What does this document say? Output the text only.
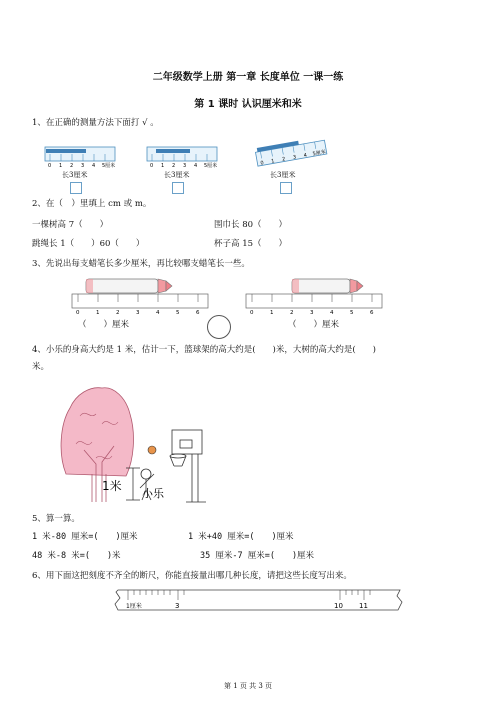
二年级数学上册 第一章 长度单位 一课一练
第 1 课时 认识厘米和米
1、在正确的测量方法下面打 √ 。
0 1 2 3 4 5厘米
长3厘米
0 1 2 3 4 5厘米
长3厘米
0 1 2 3 4 5厘米
长3厘米
2、在（　）里填上 cm 或 m。
一棵树高 7（　　）	围巾长 80（　　）
跳绳长 1（　　）60（　　）	杯子高 15（　　）
3、先说出每支蜡笔长多少厘米，再比较哪支蜡笔长一些。
0	1	2	3	4	5	6	0	1	2	3	4	5	6
（　　）厘米	（　　）厘米
4、小乐的身高大约是 1 米，估计一下，篮球架的高大约是(　　)米，大树的高大约是(　　)
米。
1米
小乐
5、算一算。
1 米-80 厘米=(　　)厘米	1 米+40 厘米=(　　)厘米
48 米-8 米=(　　)米	35 厘米-7 厘米=(　　)厘米
6、用下面这把刻度不齐全的断尺，你能直接量出哪几种长度，请把这些长度写出来。
1厘米	3	10 11
第 1 页 共 3 页
